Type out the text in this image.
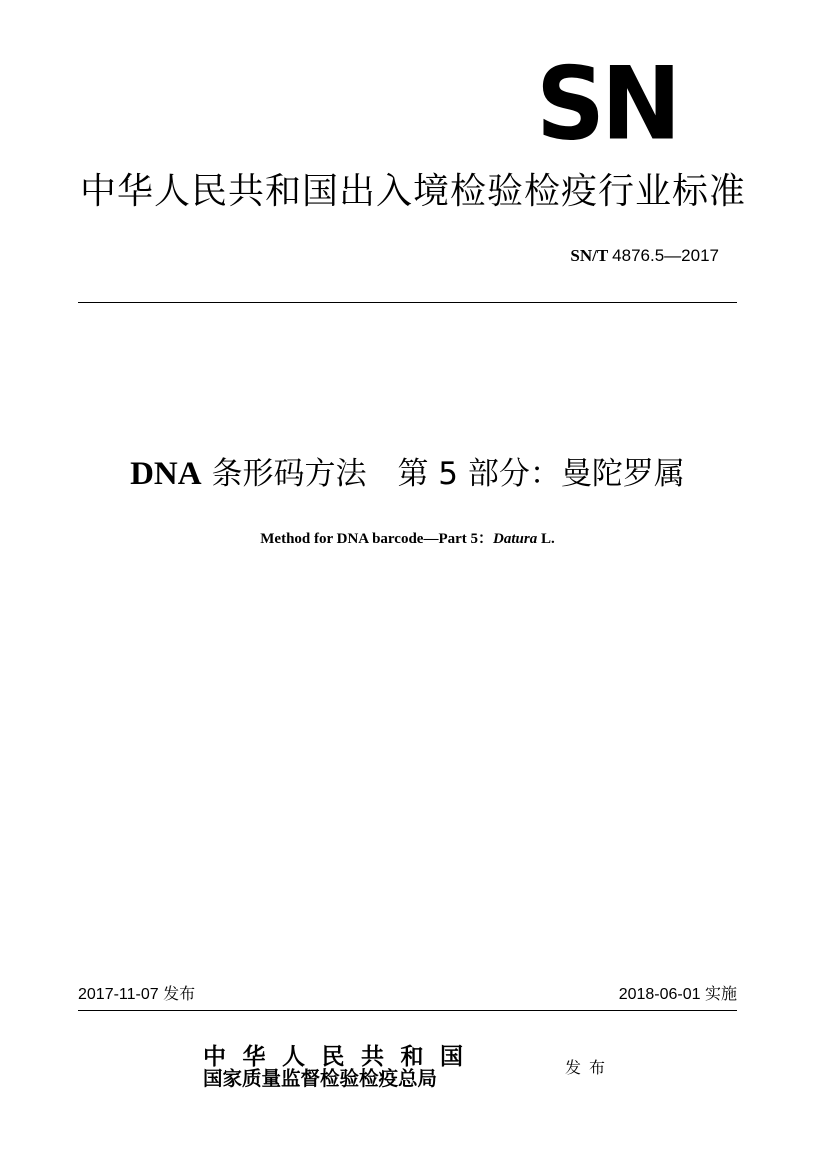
SN
中华人民共和国出入境检验检疫行业标准
SN/T 4876.5—2017
DNA 条形码方法　第 5 部分：曼陀罗属
Method for DNA barcode—Part 5：Datura L.
2017-11-07 发布	2018-06-01 实施
中华人民共和国
国家质量监督检验检疫总局	发布
